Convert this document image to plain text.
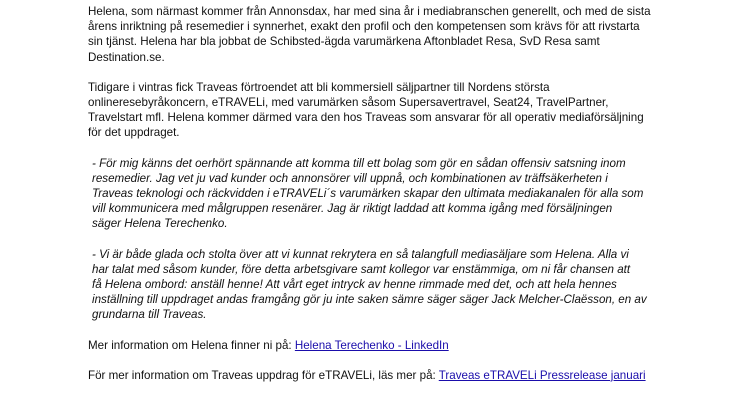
Helena, som närmast kommer från Annonsdax, har med sina år i mediabranschen generellt, och med de sista
årens inriktning på resemedier i synnerhet, exakt den profil och den kompetensen som krävs för att rivstarta
sin tjänst. Helena har bla jobbat de Schibsted-ägda varumärkena Aftonbladet Resa, SvD Resa samt
Destination.se.

Tidigare i vintras fick Traveas förtroendet att bli kommersiell säljpartner till Nordens största
onlineresebyråkoncern, eTRAVELi, med varumärken såsom Supersavertravel, Seat24, TravelPartner,
Travelstart mfl. Helena kommer därmed vara den hos Traveas som ansvarar för all operativ mediaförsäljning
för det uppdraget.

- För mig känns det oerhört spännande att komma till ett bolag som gör en sådan offensiv satsning inom
resemedier. Jag vet ju vad kunder och annonsörer vill uppnå, och kombinationen av träffsäkerheten i
Traveas teknologi och räckvidden i eTRAVELi´s varumärken skapar den ultimata mediakanalen för alla som
vill kommunicera med målgruppen resenärer. Jag är riktigt laddad att komma igång med försäljningen
säger Helena Terechenko.

- Vi är både glada och stolta över att vi kunnat rekrytera en så talangfull mediasäljare som Helena. Alla vi
har talat med såsom kunder, före detta arbetsgivare samt kollegor var enstämmiga, om ni får chansen att
få Helena ombord: anställ henne! Att vårt eget intryck av henne rimmade med det, och att hela hennes
inställning till uppdraget andas framgång gör ju inte saken sämre säger säger Jack Melcher-Claësson, en av
grundarna till Traveas.

Mer information om Helena finner ni på: Helena Terechenko - LinkedIn

För mer information om Traveas uppdrag för eTRAVELi, läs mer på: Traveas eTRAVELi Pressrelease januari
